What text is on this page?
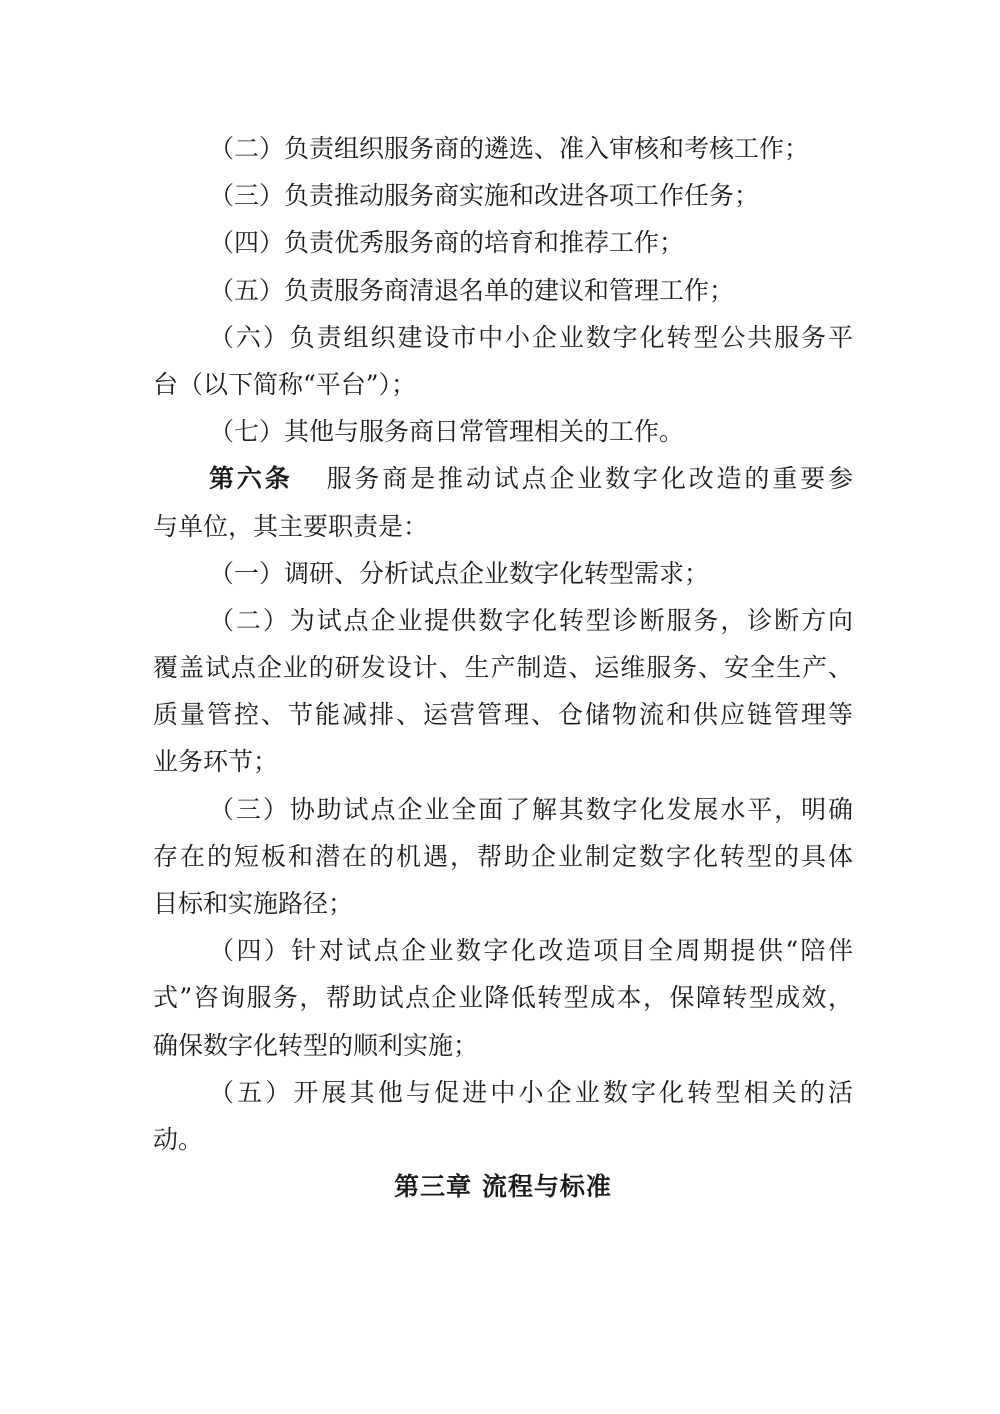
（二）负责组织服务商的遴选、准入审核和考核工作；
（三）负责推动服务商实施和改进各项工作任务；
（四）负责优秀服务商的培育和推荐工作；
（五）负责服务商清退名单的建议和管理工作；
（六）负责组织建设市中小企业数字化转型公共服务平
台（以下简称“平台”）；
（七）其他与服务商日常管理相关的工作。
第六条 服务商是推动试点企业数字化改造的重要参
与单位，其主要职责是：
（一）调研、分析试点企业数字化转型需求；
（二）为试点企业提供数字化转型诊断服务，诊断方向
覆盖试点企业的研发设计、生产制造、运维服务、安全生产、
质量管控、节能减排、运营管理、仓储物流和供应链管理等
业务环节；
（三）协助试点企业全面了解其数字化发展水平，明确
存在的短板和潜在的机遇，帮助企业制定数字化转型的具体
目标和实施路径；
（四）针对试点企业数字化改造项目全周期提供“陪伴
式”咨询服务，帮助试点企业降低转型成本，保障转型成效，
确保数字化转型的顺利实施；
（五）开展其他与促进中小企业数字化转型相关的活
动。
第三章 流程与标准
